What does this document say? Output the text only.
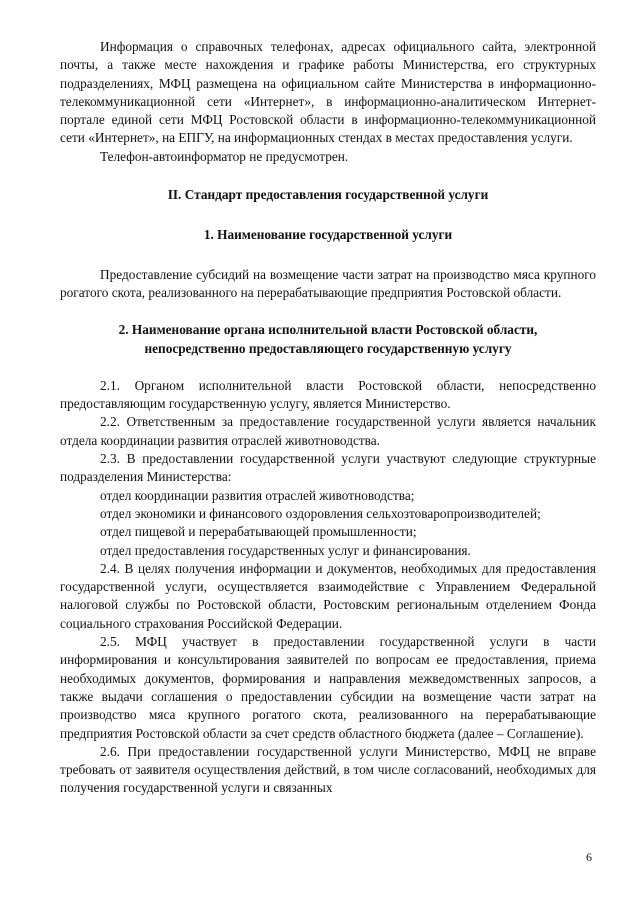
Информация о справочных телефонах, адресах официального сайта, электронной почты, а также месте нахождения и графике работы Министерства, его структурных подразделениях, МФЦ размещена на официальном сайте Министерства в информационно-телекоммуникационной сети «Интернет», в информационно-аналитическом Интернет-портале единой сети МФЦ Ростовской области в информационно-телекоммуникационной сети «Интернет», на ЕПГУ, на информационных стендах в местах предоставления услуги.

Телефон-автоинформатор не предусмотрен.

II. Стандарт предоставления государственной услуги
1. Наименование государственной услуги

Предоставление субсидий на возмещение части затрат на производство мяса крупного рогатого скота, реализованного на перерабатывающие предприятия Ростовской области.

2. Наименование органа исполнительной власти Ростовской области,
непосредственно предоставляющего государственную услугу

2.1. Органом исполнительной власти Ростовской области, непосредственно предоставляющим государственную услугу, является Министерство.

2.2. Ответственным за предоставление государственной услуги является начальник отдела координации развития отраслей животноводства.

2.3. В предоставлении государственной услуги участвуют следующие структурные подразделения Министерства:

отдел координации развития отраслей животноводства;

отдел экономики и финансового оздоровления сельхозтоваропроизводителей;

отдел пищевой и перерабатывающей промышленности;

отдел предоставления государственных услуг и финансирования.

2.4. В целях получения информации и документов, необходимых для предоставления государственной услуги, осуществляется взаимодействие с Управлением Федеральной налоговой службы по Ростовской области, Ростовским региональным отделением Фонда социального страхования Российской Федерации.

2.5. МФЦ участвует в предоставлении государственной услуги в части информирования и консультирования заявителей по вопросам ее предоставления, приема необходимых документов, формирования и направления межведомственных запросов, а также выдачи соглашения о предоставлении субсидии на возмещение части затрат на производство мяса крупного рогатого скота, реализованного на перерабатывающие предприятия Ростовской области за счет средств областного бюджета (далее – Соглашение).

2.6. При предоставлении государственной услуги Министерство, МФЦ не вправе требовать от заявителя осуществления действий, в том числе согласований, необходимых для получения государственной услуги и связанных

6
